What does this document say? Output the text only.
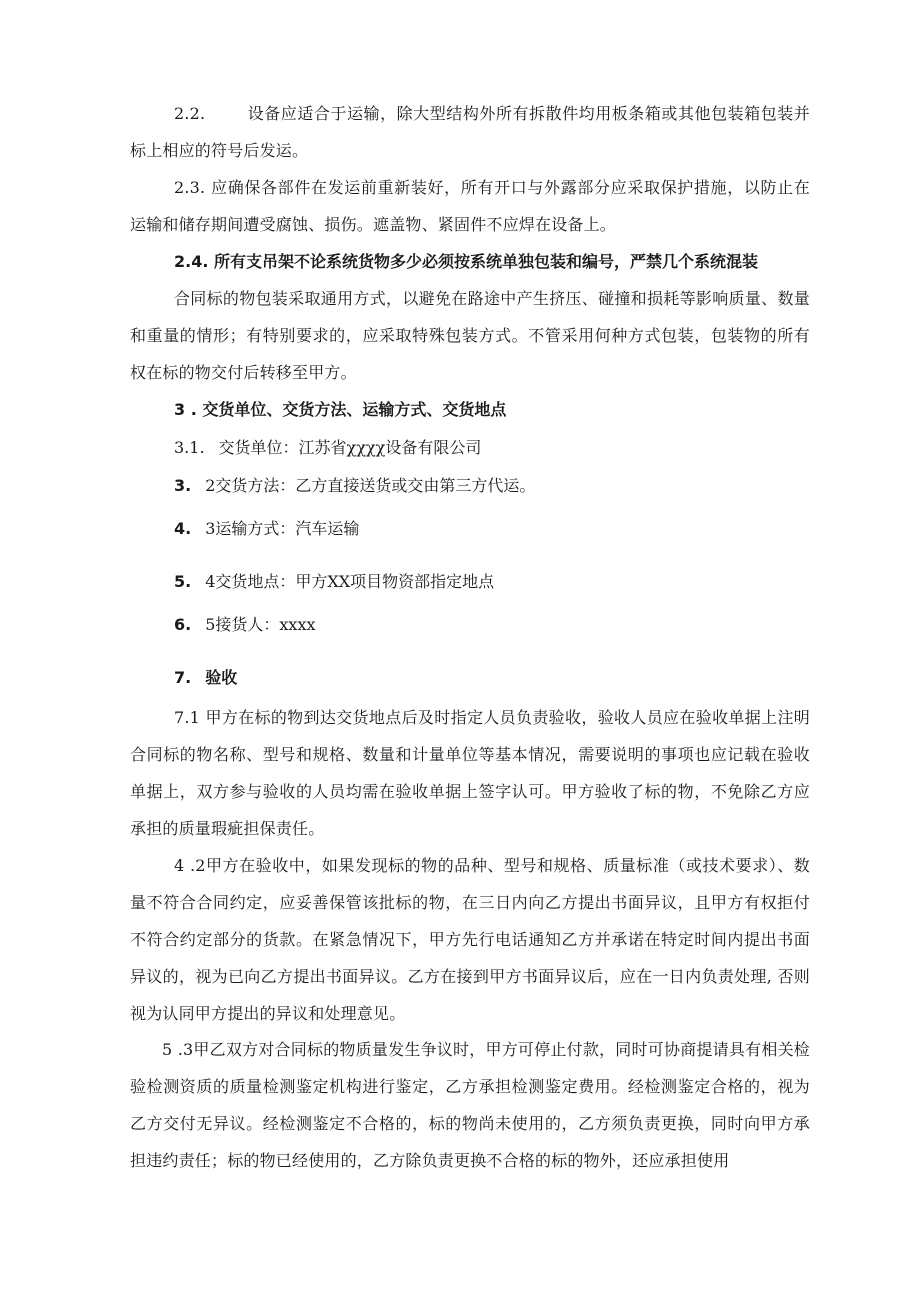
2.2.	设备应适合于运输，除大型结构外所有拆散件均用板条箱或其他包装箱包装并标上相应的符号后发运。

2.3. 应确保各部件在发运前重新装好，所有开口与外露部分应采取保护措施，以防止在运输和储存期间遭受腐蚀、损伤。遮盖物、紧固件不应焊在设备上。

2.4. 所有支吊架不论系统货物多少必须按系统单独包装和编号，严禁几个系统混装

合同标的物包装采取通用方式，以避免在路途中产生挤压、碰撞和损耗等影响质量、数量和重量的情形；有特别要求的，应采取特殊包装方式。不管采用何种方式包装，包装物的所有权在标的物交付后转移至甲方。

3 . 交货单位、交货方法、运输方式、交货地点

3.1. 交货单位：江苏省χχχχ设备有限公司

3. 2交货方法：乙方直接送货或交由第三方代运。

4. 3运输方式：汽车运输

5. 4交货地点：甲方XX项目物资部指定地点

6. 5接货人：xxxx

7. 验收

7.1 甲方在标的物到达交货地点后及时指定人员负责验收，验收人员应在验收单据上注明合同标的物名称、型号和规格、数量和计量单位等基本情况，需要说明的事项也应记载在验收单据上，双方参与验收的人员均需在验收单据上签字认可。甲方验收了标的物，不免除乙方应承担的质量瑕疵担保责任。

4 .2甲方在验收中，如果发现标的物的品种、型号和规格、质量标准（或技术要求）、数量不符合合同约定，应妥善保管该批标的物，在三日内向乙方提出书面异议，且甲方有权拒付不符合约定部分的货款。在紧急情况下，甲方先行电话通知乙方并承诺在特定时间内提出书面异议的，视为已向乙方提出书面异议。乙方在接到甲方书面异议后，应在一日内负责处理, 否则视为认同甲方提出的异议和处理意见。

5 .3甲乙双方对合同标的物质量发生争议时，甲方可停止付款，同时可协商提请具有相关检验检测资质的质量检测鉴定机构进行鉴定，乙方承担检测鉴定费用。经检测鉴定合格的，视为乙方交付无异议。经检测鉴定不合格的，标的物尚未使用的，乙方须负责更换，同时向甲方承担违约责任；标的物已经使用的，乙方除负责更换不合格的标的物外，还应承担使用
